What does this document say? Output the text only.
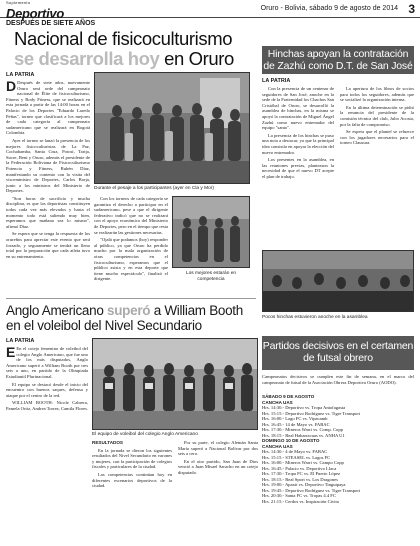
Suplemento
Deportivo	Oruro - Bolivia, sábado 9 de agosto de 2014 3
DESPUÉS DE SIETE AÑOS
Nacional de fisicoculturismo
se desarrolla hoy en Oruro
LA PATRIA

D Después de siete años, nuevamente Oruro será sede del campeonato nacional de Élite de fisicoculturismo, Fitness y Body Fitness, que se realizará en esta jornada a partir de las 14:00 horas en el Palacio de los Deportes "Eduardo Laredo Peñas", torneo que clasificará a los mejores de cada categoría al campeonato sudamericano que se realizará en Bogotá Colombia.

Ayer el torneo se lanzó la presencia de los mejores fisicoculturistas de La Paz, Cochabamba, Santa Cruz, Potosí, Tarija, Sucre, Beni y Oruro, además el presidente de la Federación Boliviana de Fisicoculturismo Potencia y Fitness, Rubén Díaz, manifestando su contento con la visita del visceministro de Deportes, Carlos Borja, junto a los ministros del Ministerio de Deportes.

"Son horas de sacrificio y mucha disciplina, es que los deportistas constituyen todos cada vez más elevados y hasta el momento todo está saliendo muy bien, esperamos que mañana sea lo mismo", afirmó Díaz.

Se espera que se tenga la respuesta de los orureños para apreciar este evento que será forzado, y seguramente se tendrá un lleno total por la preparación que cada atleta tuvo en su entrenamiento.

Durante el pesaje a los participantes (ayer en Cla y Mor)

Con los torneos de cada categoría se garantiza el derecho a participar en el sudamericano, pese a que el dirigente federativo indicó que no se realizará con el apoyo económico del Ministerio de Deportes, pero en el tiempo que resta se realizarán las gestiones necesarias.

"Ojalá que podamos (hoy) responder al público, ya que Oruro ha perdido mucho por la mala organización de otras competencias en el fisicoculturismo, esperamos que el público asista y en esta deporte que tiene mucho espectáculo", finalizó el dirigente.

Los mejores estarán en competencia
Hinchas apoyan la contratación de Zazhú como D.T. de San José
LA PATRIA

Con la presencia de un centenar de seguidores de San José, anoche en la sede de la Fraternidad los Chachos San Cristóbal de Oruro, se desarrolló la asamblea de hinchas, en la misma se apoyó la contratación de Miguel Ángel Zazhú como nuevo entrenador del equipo "santo".

La presencia de los hinchas se puso una nota a destacar, ya que la principal idea consistía en apoyar la elección del nuevo entrenador.

Los presentes en la asamblea, en las reuniones previas, plantearon la necesidad de que el nuevo DT acepte el plan de trabajo.

La apertura de los libros de socios para todos los seguidores, además que se socializó la organización interna.

En la última determinación se pidió la renuncia del presidente de la comisión técnica del club, Julio Acosta, por la falta de compromiso.

Se espera que el plantel se refuerce con los jugadores necesarios para el torneo Clausura.

Pocos hinchas estuvieron anoche en la asamblea
Anglo Americano superó a William Booth
en el voleibol del Nivel Secundario
LA PATRIA

E En el cotejo femenino de voleibol del colegio Anglo Americano, que fue uno de los más disputados, Anglo Americano superó a William Booth por tres sets a uno, en partido de la Olimpiada Estudiantil Plurinacional.

El equipo se destacó desde el inicio del encuentro con buenos saques, defensa y ataque por el centro de la red.

WILLIAM BOOTH: Nicole Cabrera, Pamela Ortiz, Andrea Torrez, Camila Flores.

El equipo de voleibol del colegio Anglo Americano

RESULTADOS

En la jornada se dieron los siguientes resultados del Nivel Secundario en varones y mujeres, con la participación de colegios fiscales y particulares de la ciudad.

Las competencias continúan hoy en diferentes escenarios deportivos de la ciudad.

Por su parte, el colegio Alemán Santa María superó a Nacional Bolívar por dos sets a cero.

En el otro partido, San Juan de Dios venció a Juan Misael Saracho en un cotejo disputado.

Partidos decisivos en el certamen de futsal obrero

Campeonatos decisivos se cumplen este fin de semana, en el marco del campeonato de futsal de la Asociación Obrera Deportiva Oruro (AODO).

SÁBADO 9 DE AGOSTO
CANCHA UAS
Hrs. 14:30.- Deportivo vs. Tropa Antofagasta
Hrs. 15:15.- Deportivo Rodríguez vs. Tigre Transport
Hrs. 16:00.- Lago FC vs. Vipacamb
Hrs. 16:45.- 14 de Mayo vs. FABAC
Hrs. 17:30.- Mineros Warri vs. Comp. Copp
Hrs. 18:15.- Real Habarracuas vs. ANHA U1
DOMINGO 10 DE AGOSTO
CANCHA UAS
Hrs. 14:30.- 4 de Mayo vs. FABAC
Hrs. 15:15.- STEASEL vs. Lagos FC
Hrs. 16:00.- Mineros Warri vs. Campo Copp
Hrs. 16:45.- Palacio vs. Deportivo Llaca
Hrs. 17:30.- Tropa FC vs. El Puerto López
Hrs. 18:15.- Real Sport vs. Los Dragones
Hrs. 19:00.- Apaxit vs. Deportivo Tinguipaya
Hrs. 19:45.- Deportivo Rodríguez vs. Tigre Transport
Hrs. 20:30.- Santa FC vs. Tropas 4.4 FC
Hrs. 21:15.- Cerdos vs. Inspiración Civita
